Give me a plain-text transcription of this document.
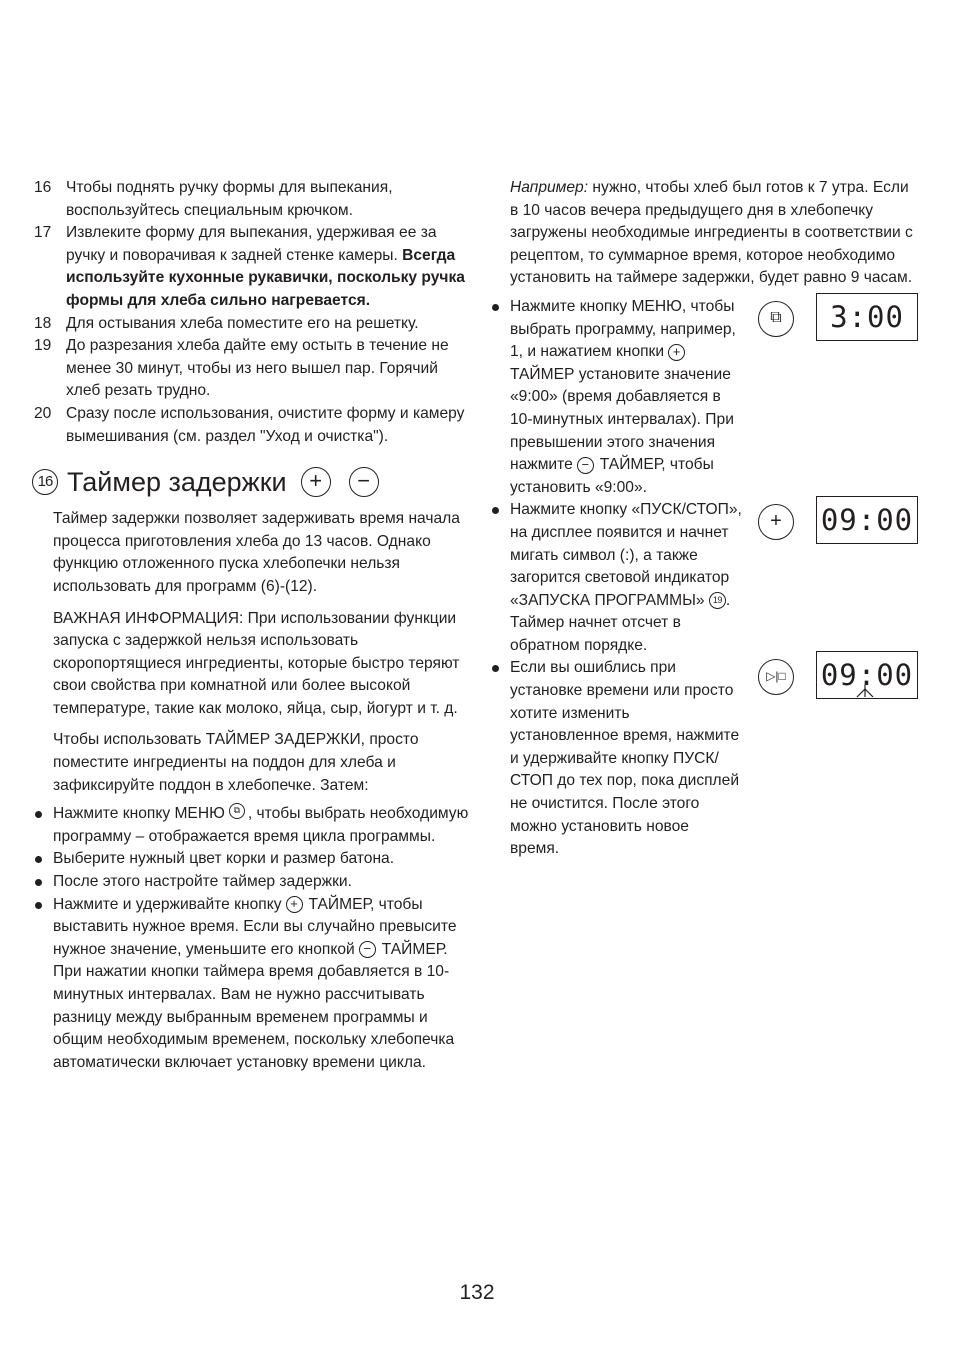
16 Чтобы поднять ручку формы для выпекания, воспользуйтесь специальным крючком.
17 Извлеките форму для выпекания, удерживая ее за ручку и поворачивая к задней стенке камеры. Всегда используйте кухонные рукавички, поскольку ручка формы для хлеба сильно нагревается.
18 Для остывания хлеба поместите его на решетку.
19 До разрезания хлеба дайте ему остыть в течение не менее 30 минут, чтобы из него вышел пар. Горячий хлеб резать трудно.
20 Сразу после использования, очистите форму и камеру вымешивания (см. раздел "Уход и очистка").
16 Таймер задержки	+	−
Таймер задержки позволяет задерживать время начала процесса приготовления хлеба до 13 часов. Однако функцию отложенного пуска хлебопечки нельзя использовать для программ (6)-(12).
ВАЖНАЯ ИНФОРМАЦИЯ: При использовании функции запуска с задержкой нельзя использовать скоропортящиеся ингредиенты, которые быстро теряют свои свойства при комнатной или более высокой температуре, такие как молоко, яйца, сыр, йогурт и т. д.
Чтобы использовать ТАЙМЕР ЗАДЕРЖКИ, просто поместите ингредиенты на поддон для хлеба и зафиксируйте поддон в хлебопечке. Затем:
Нажмите кнопку МЕНЮ ⧉ , чтобы выбрать необходимую программу – отображается время цикла программы.
Выберите нужный цвет корки и размер батона.
После этого настройте таймер задержки.
Нажмите и удерживайте кнопку + ТАЙМЕР, чтобы выставить нужное время. Если вы случайно превысите нужное значение, уменьшите его кнопкой − ТАЙМЕР.
При нажатии кнопки таймера время добавляется в 10-минутных интервалах. Вам не нужно рассчитывать разницу между выбранным временем программы и общим необходимым временем, поскольку хлебопечка автоматически включает установку времени цикла.
Например: нужно, чтобы хлеб был готов к 7 утра. Если в 10 часов вечера предыдущего дня в хлебопечку загружены необходимые ингредиенты в соответствии с рецептом, то суммарное время, которое необходимо установить на таймере задержки, будет равно 9 часам.
Нажмите кнопку МЕНЮ, чтобы выбрать программу, например, 1, и нажатием кнопки +ТАЙМЕР установите значение «9:00» (время добавляется в 10-минутных интервалах). При превышении этого значения нажмите − ТАЙМЕР, чтобы установить «9:00».
⧉	3:00
Нажмите кнопку «ПУСК/СТОП», на дисплее появится и начнет мигать символ (:), а также загорится световой индикатор «ЗАПУСКА ПРОГРАММЫ» 19 . Таймер начнет отсчет в обратном порядке.
+	09:00
Если вы ошиблись при установке времени или просто хотите изменить установленное время, нажмите и удерживайте кнопку ПУСК/СТОП до тех пор, пока дисплей не очистится. После этого можно установить новое время.
▷|□ 09:00
132
